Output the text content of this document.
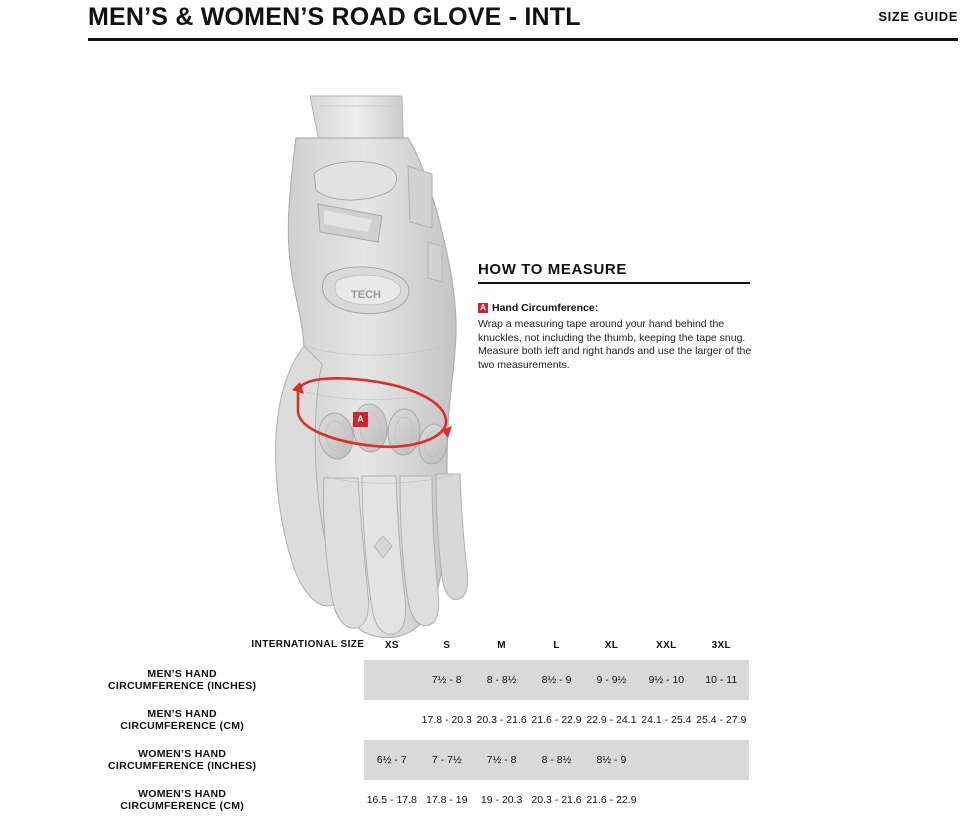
MEN’S & WOMEN’S ROAD GLOVE - INTL	SIZE GUIDE
TECH
A
HOW TO MEASURE
A Hand Circumference:
Wrap a measuring tape around your hand behind the knuckles, not including the thumb, keeping the tape snug. Measure both left and right hands and use the larger of the two measurements.
INTERNATIONAL SIZE	XS	S	M	L	XL	XXL	3XL	

MEN’S HAND
CIRCUMFERENCE (INCHES)		7½ - 8	8 - 8½	8½ - 9	9 - 9½	9½ - 10	10 - 11	

MEN’S HAND
CIRCUMFERENCE (CM)		17.8 - 20.3	20.3 - 21.6	21.6 - 22.9	22.9 - 24.1	24.1 - 25.4	25.4 - 27.9	

WOMEN’S HAND
CIRCUMFERENCE (INCHES)	6½ - 7	7 - 7½	7½ - 8	8 - 8½	8½ - 9			

WOMEN’S HAND
CIRCUMFERENCE (CM)	16.5 - 17.8	17.8 - 19	19 - 20.3	20.3 - 21.6	21.6 - 22.9			
